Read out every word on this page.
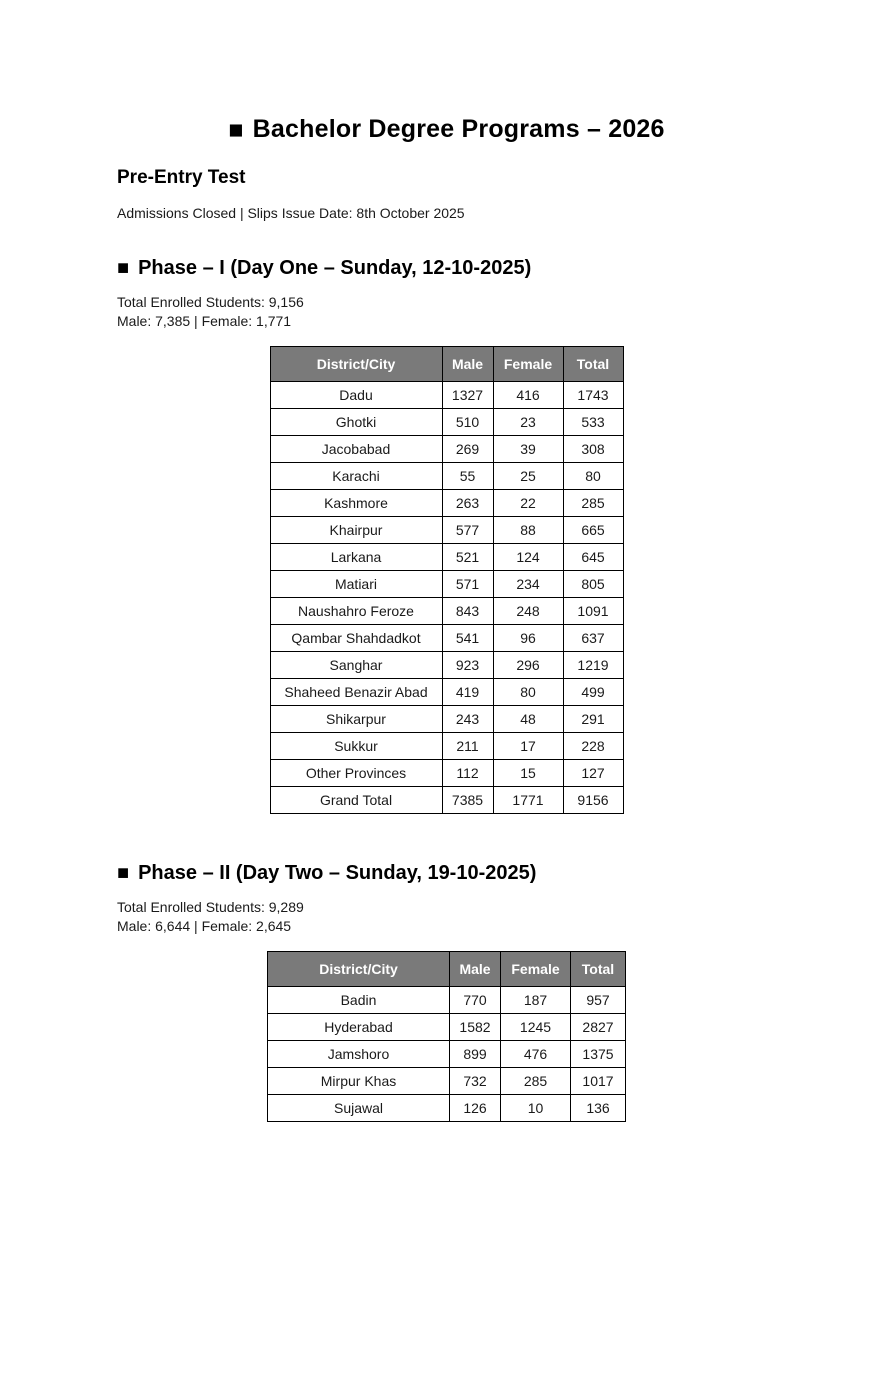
■ Bachelor Degree Programs – 2026
Pre-Entry Test

Admissions Closed | Slips Issue Date: 8th October 2025

■ Phase – I (Day One – Sunday, 12-10-2025)

Total Enrolled Students: 9,156

Male: 7,385 | Female: 1,771

District/City	Male	Female	Total
Dadu	1327	416	1743
Ghotki	510	23	533
Jacobabad	269	39	308
Karachi	55	25	80
Kashmore	263	22	285
Khairpur	577	88	665
Larkana	521	124	645
Matiari	571	234	805
Naushahro Feroze	843	248	1091
Qambar Shahdadkot	541	96	637
Sanghar	923	296	1219
Shaheed Benazir Abad	419	80	499
Shikarpur	243	48	291
Sukkur	211	17	228
Other Provinces	112	15	127
Grand Total	7385	1771	9156
■ Phase – II (Day Two – Sunday, 19-10-2025)

Total Enrolled Students: 9,289

Male: 6,644 | Female: 2,645

District/City	Male	Female	Total
Badin	770	187	957
Hyderabad	1582	1245	2827
Jamshoro	899	476	1375
Mirpur Khas	732	285	1017
Sujawal	126	10	136
